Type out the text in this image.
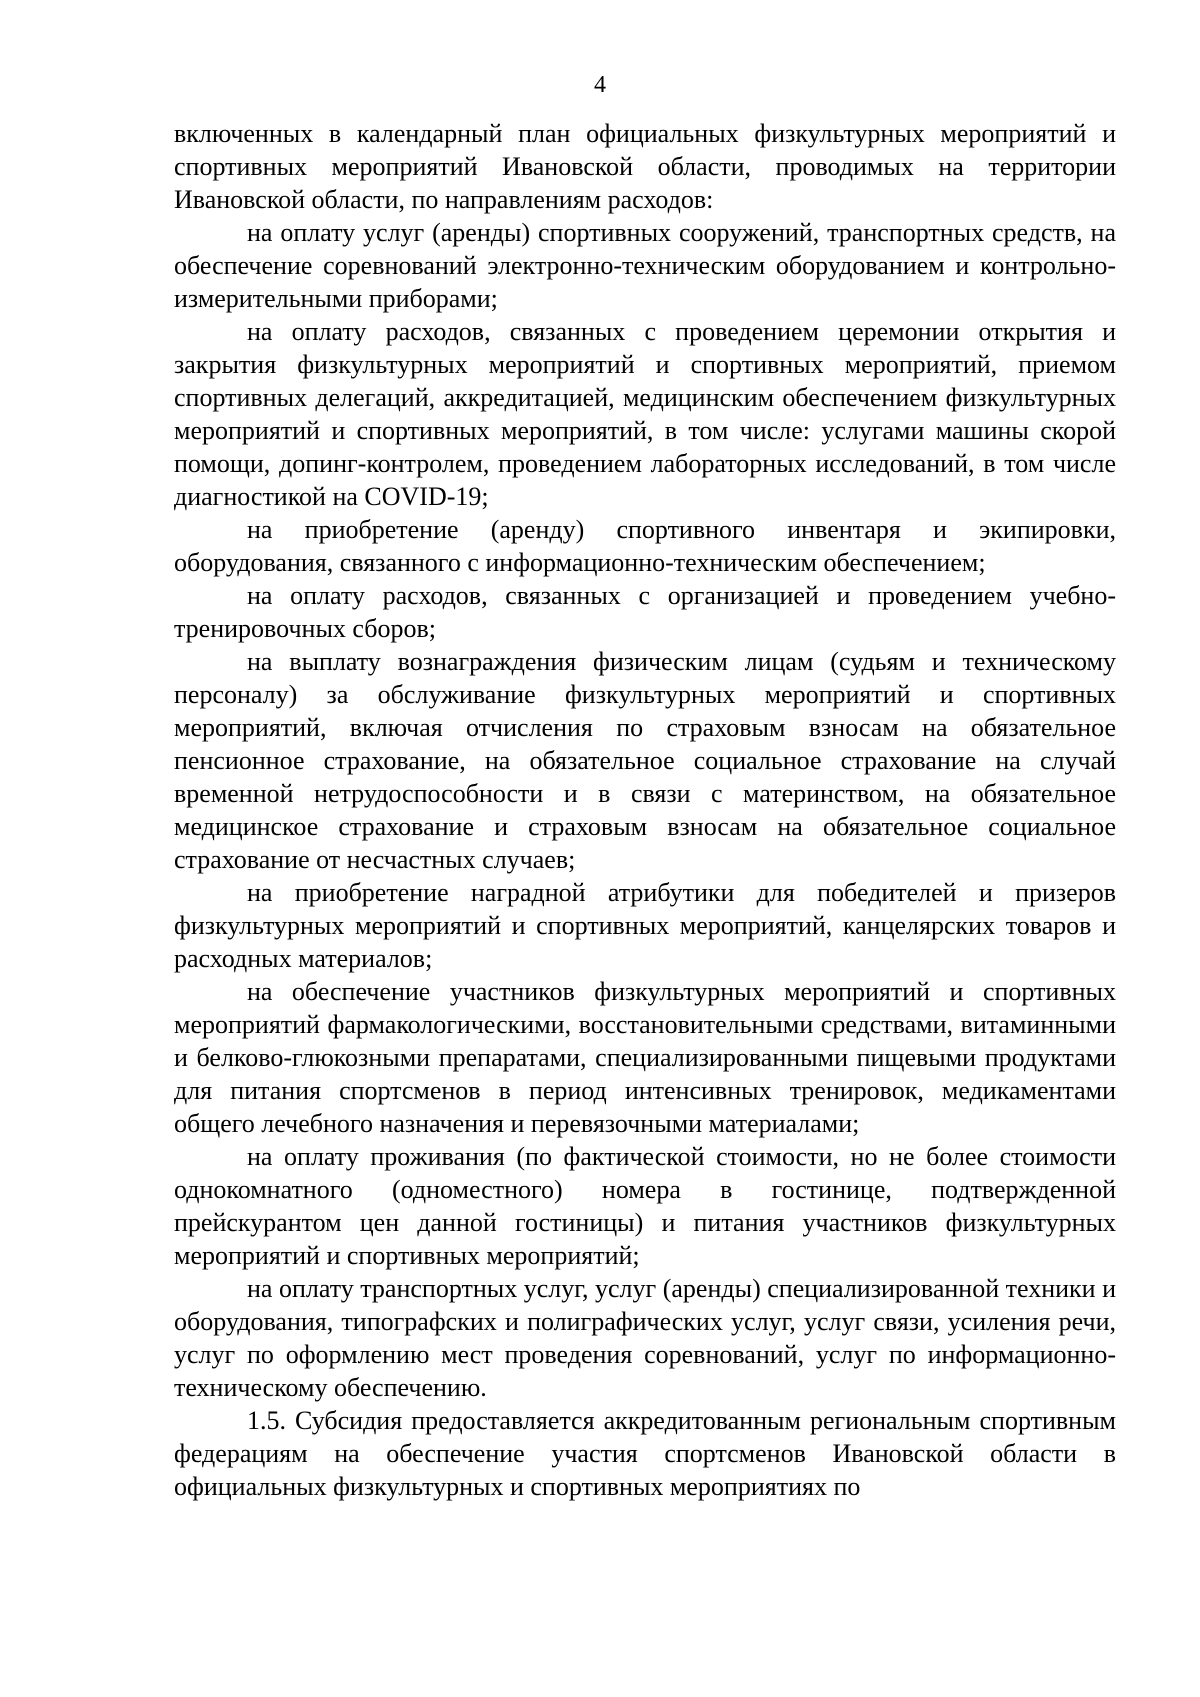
4

включенных в календарный план официальных физкультурных мероприятий и спортивных мероприятий Ивановской области, проводимых на территории Ивановской области, по направлениям расходов:

на оплату услуг (аренды) спортивных сооружений, транспортных средств, на обеспечение соревнований электронно-техническим оборудованием и контрольно-измерительными приборами;

на оплату расходов, связанных с проведением церемонии открытия и закрытия физкультурных мероприятий и спортивных мероприятий, приемом спортивных делегаций, аккредитацией, медицинским обеспечением физкультурных мероприятий и спортивных мероприятий, в том числе: услугами машины скорой помощи, допинг-контролем, проведением лабораторных исследований, в том числе диагностикой на COVID-19;

на приобретение (аренду) спортивного инвентаря и экипировки, оборудования, связанного с информационно-техническим обеспечением;

на оплату расходов, связанных с организацией и проведением учебно-тренировочных сборов;

на выплату вознаграждения физическим лицам (судьям и техническому персоналу) за обслуживание физкультурных мероприятий и спортивных мероприятий, включая отчисления по страховым взносам на обязательное пенсионное страхование, на обязательное социальное страхование на случай временной нетрудоспособности и в связи с материнством, на обязательное медицинское страхование и страховым взносам на обязательное социальное страхование от несчастных случаев;

на приобретение наградной атрибутики для победителей и призеров физкультурных мероприятий и спортивных мероприятий, канцелярских товаров и расходных материалов;

на обеспечение участников физкультурных мероприятий и спортивных мероприятий фармакологическими, восстановительными средствами, витаминными и белково-глюкозными препаратами, специализированными пищевыми продуктами для питания спортсменов в период интенсивных тренировок, медикаментами общего лечебного назначения и перевязочными материалами;

на оплату проживания (по фактической стоимости, но не более стоимости однокомнатного (одноместного) номера в гостинице, подтвержденной прейскурантом цен данной гостиницы) и питания участников физкультурных мероприятий и спортивных мероприятий;

на оплату транспортных услуг, услуг (аренды) специализированной техники и оборудования, типографских и полиграфических услуг, услуг связи, усиления речи, услуг по оформлению мест проведения соревнований, услуг по информационно-техническому обеспечению.

1.5. Субсидия предоставляется аккредитованным региональным спортивным федерациям на обеспечение участия спортсменов Ивановской области в официальных физкультурных и спортивных мероприятиях по
